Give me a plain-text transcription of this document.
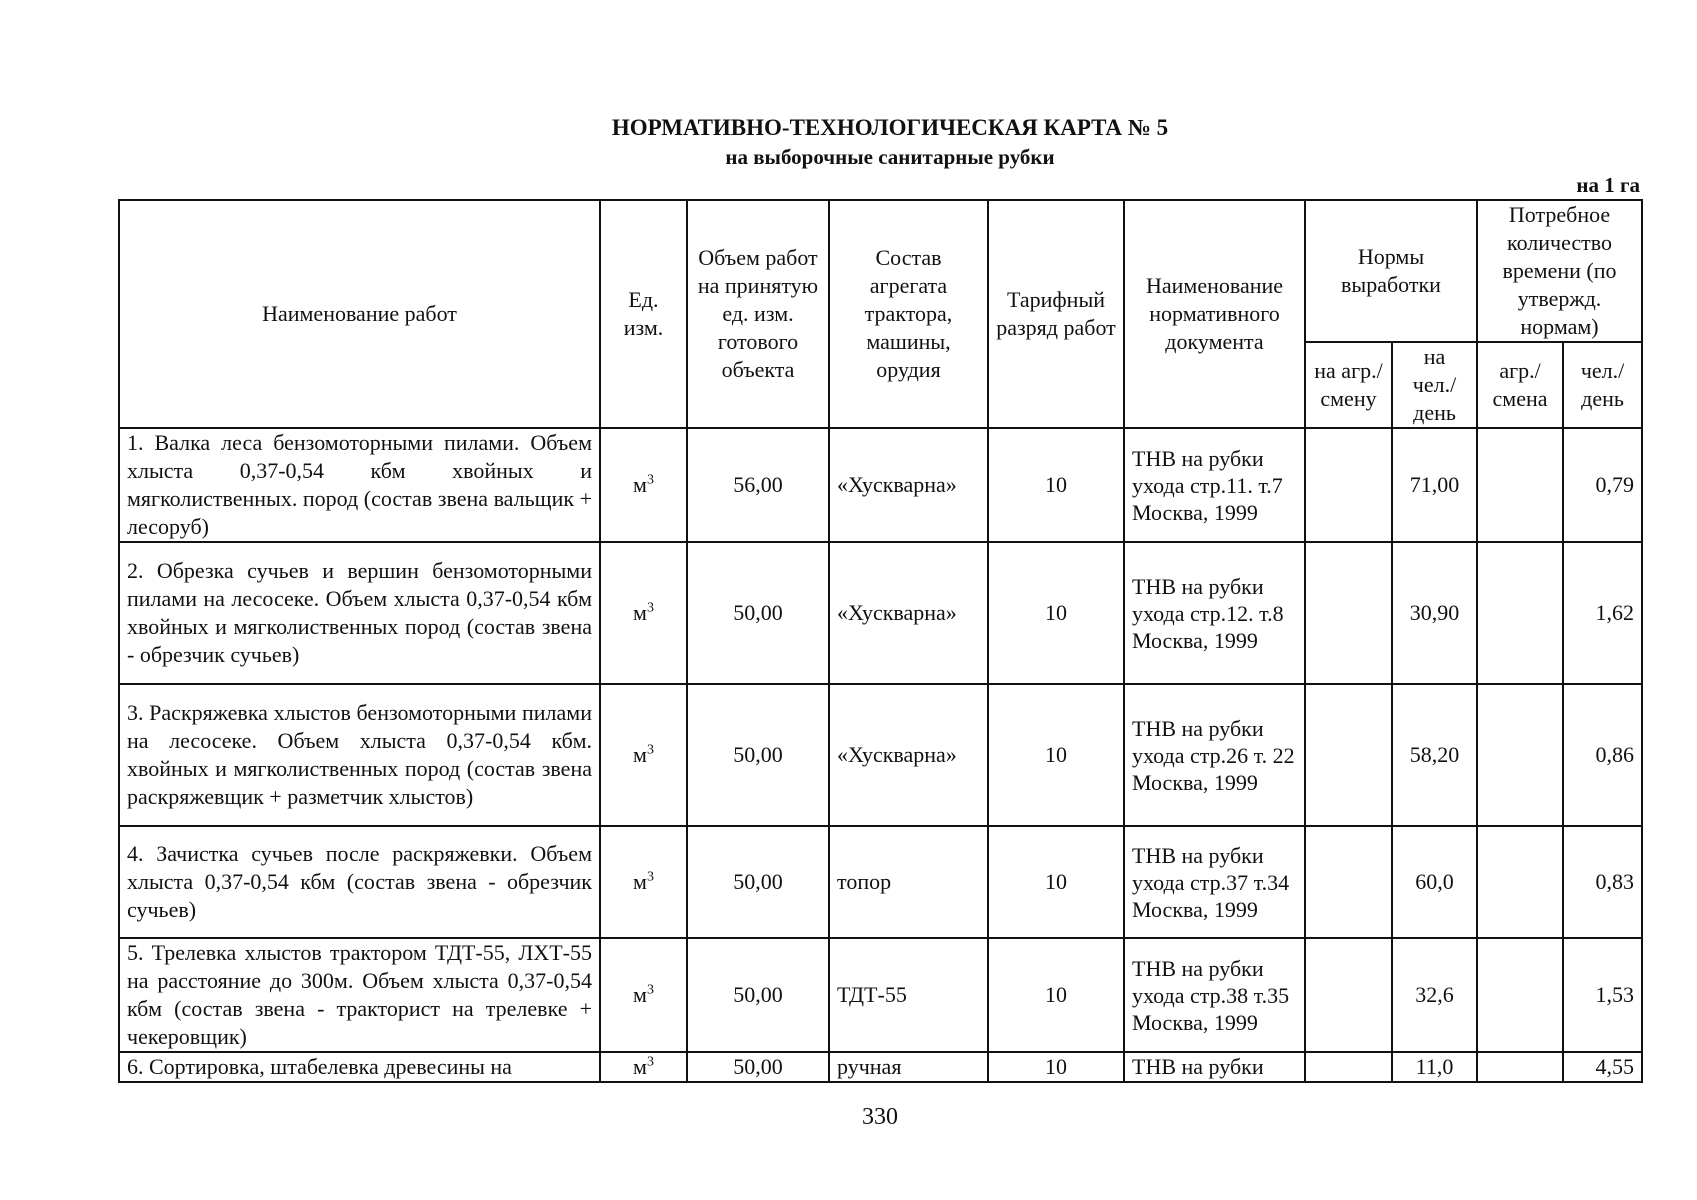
НОРМАТИВНО-ТЕХНОЛОГИЧЕСКАЯ КАРТА № 5
на выборочные санитарные рубки
на 1 га
Наименование работ	Ед. изм.	Объем работ на принятую ед. изм. готового объекта	Состав агрегата трактора, машины, орудия	Тарифный разряд работ	Наименование нормативного документа	Нормы выработки		Потребное количество времени (по утвержд. нормам)	
						на агр./ смену	на чел./ день	агр./ смена	чел./ день
1. Валка леса бензомоторными пилами. Объем хлыста 0,37-0,54 кбм хвойных и мягколиственных. пород (состав звена вальщик + лесоруб)	$м^3$	56,00	«Хускварна»	10	ТНВ на рубки ухода стр.11. т.7 Москва, 1999		71,00		0,79
2. Обрезка сучьев и вершин бензомоторными пилами на лесосеке. Объем хлыста 0,37-0,54 кбм хвойных и мягколиственных пород (состав звена - обрезчик сучьев)	$м^3$	50,00	«Хускварна»	10	ТНВ на рубки ухода стр.12. т.8 Москва, 1999		30,90		1,62
3. Раскряжевка хлыстов бензомоторными пилами на лесосеке. Объем хлыста 0,37-0,54 кбм. хвойных и мягколиственных пород (состав звена раскряжевщик + разметчик хлыстов)	$м^3$	50,00	«Хускварна»	10	ТНВ на рубки ухода стр.26 т. 22 Москва, 1999		58,20		0,86
4. Зачистка сучьев после раскряжевки. Объем хлыста 0,37-0,54 кбм (состав звена - обрезчик сучьев)	$м^3$	50,00	топор	10	ТНВ на рубки ухода стр.37 т.34 Москва, 1999		60,0		0,83
5. Трелевка хлыстов трактором ТДТ-55, ЛХТ-55 на расстояние до 300м. Объем хлыста 0,37-0,54 кбм (состав звена - тракторист на трелевке + чекеровщик)	$м^3$	50,00	ТДТ-55	10	ТНВ на рубки ухода стр.38 т.35 Москва, 1999		32,6		1,53
6. Сортировка, штабелевка древесины на	$м^3$	50,00	ручная	10	ТНВ на рубки		11,0		4,55
330
